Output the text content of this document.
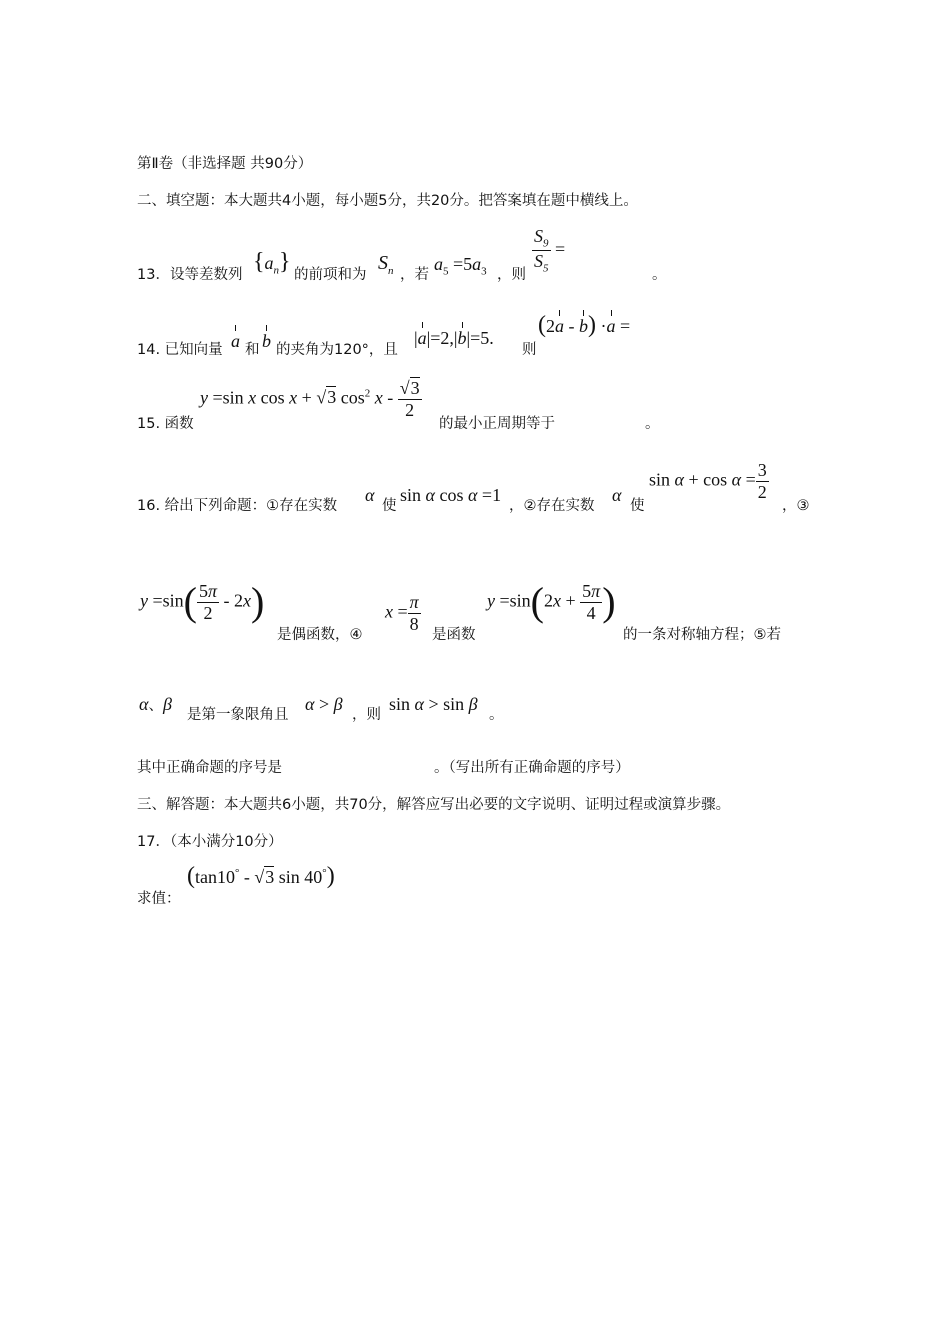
第Ⅱ卷（非选择题 共90分）
二、填空题：本大题共4小题，每小题5分，共20分。把答案填在题中横线上。
13．设等差数列 $\{a_n\}$ 的前项和为
$S_n$ ，若
$a_5 =5a_3$ ，则 $\frac{S_9}{S_5}$ =
。
14. 已知向量 a 和 b 的夹角为120°，且
|a|=2,|b|=5.
则
(2a - b) ·a =
15. 函数
y =sin x cos x + √3 $\cos^2 x - \frac{√3}{2}$
的最小正周期等于	。
16. 给出下列命题：①存在实数
α
使
sin α cos α =1
，②存在实数
α
使
$\sin \alpha + \cos \alpha = \frac{3}{2}$
，③
$y =\sin( \frac{5\pi}{2} - 2x)$
是偶函数，④
$x = \frac{\pi}{8}$
是函数
$y =\sin(2x + \frac{5\pi}{4}$ )
的一条对称轴方程；⑤若
α、β
是第一象限角且
α > β
，则
sin α > sin β
。
其中正确命题的序号是	。（写出所有正确命题的序号）
三、解答题：本大题共6小题，共70分，解答应写出必要的文字说明、证明过程或演算步骤。
17．（本小满分10分）
求值：
(tan10° - √3 sin 40°)
